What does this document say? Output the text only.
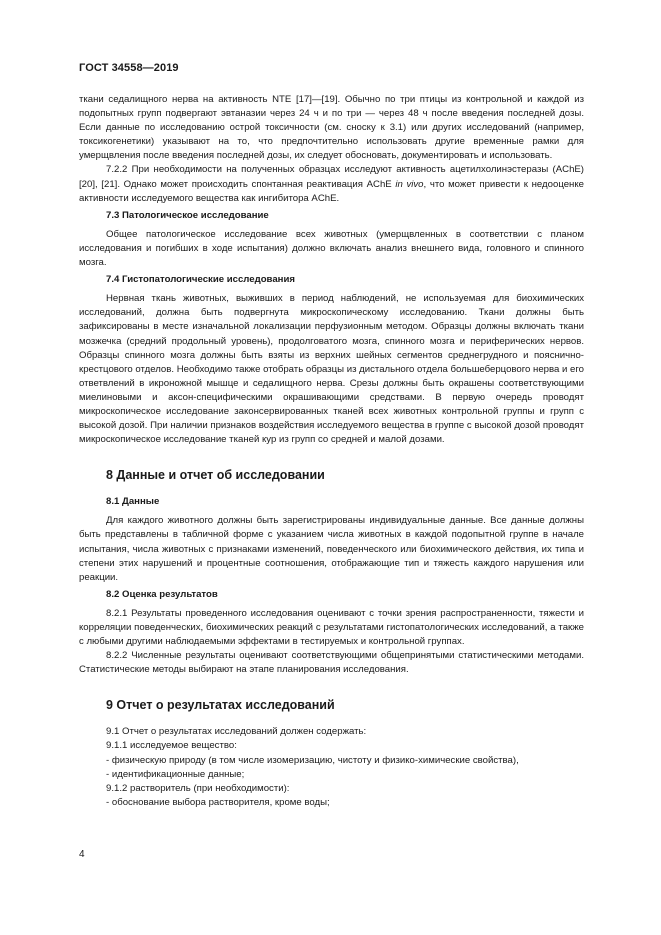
ГОСТ 34558—2019

ткани седалищного нерва на активность NTE [17]—[19]. Обычно по три птицы из контрольной и каждой из подопытных групп подвергают эвтаназии через 24 ч и по три — через 48 ч после введения последней дозы. Если данные по исследованию острой токсичности (см. сноску к 3.1) или других исследований (например, токсикогенетики) указывают на то, что предпочтительно использовать другие временные рамки для умерщвления после введения последней дозы, их следует обосновать, документировать и использовать.

7.2.2 При необходимости на полученных образцах исследуют активность ацетилхолинэстеразы (AChE) [20], [21]. Однако может происходить спонтанная реактивация AChE in vivo, что может привести к недооценке активности исследуемого вещества как ингибитора AChE.

7.3 Патологическое исследование

Общее патологическое исследование всех животных (умерщвленных в соответствии с планом исследования и погибших в ходе испытания) должно включать анализ внешнего вида, головного и спинного мозга.

7.4 Гистопатологические исследования

Нервная ткань животных, выживших в период наблюдений, не используемая для биохимических исследований, должна быть подвергнута микроскопическому исследованию. Ткани должны быть зафиксированы в месте изначальной локализации перфузионным методом. Образцы должны включать ткани мозжечка (средний продольный уровень), продолговатого мозга, спинного мозга и периферических нервов. Образцы спинного мозга должны быть взяты из верхних шейных сегментов среднегрудного и пояснично-крестцового отделов. Необходимо также отобрать образцы из дистального отдела большеберцового нерва и его ответвлений в икроножной мышце и седалищного нерва. Срезы должны быть окрашены соответствующими миелиновыми и аксон-специфическими окрашивающими средствами. В первую очередь проводят микроскопическое исследование законсервированных тканей всех животных контрольной группы и групп с высокой дозой. При наличии признаков воздействия исследуемого вещества в группе с высокой дозой проводят микроскопическое исследование тканей кур из групп со средней и малой дозами.

8 Данные и отчет об исследовании
8.1 Данные

Для каждого животного должны быть зарегистрированы индивидуальные данные. Все данные должны быть представлены в табличной форме с указанием числа животных в каждой подопытной группе в начале испытания, числа животных с признаками изменений, поведенческого или биохимического действия, их типа и степени этих нарушений и процентные соотношения, отображающие тип и тяжесть каждого нарушения или реакции.

8.2 Оценка результатов

8.2.1 Результаты проведенного исследования оценивают с точки зрения распространенности, тяжести и корреляции поведенческих, биохимических реакций с результатами гистопатологических исследований, а также с любыми другими наблюдаемыми эффектами в тестируемых и контрольной группах.

8.2.2 Численные результаты оценивают соответствующими общепринятыми статистическими методами. Статистические методы выбирают на этапе планирования исследования.

9 Отчет о результатах исследований

9.1 Отчет о результатах исследований должен содержать:

9.1.1 исследуемое вещество:

- физическую природу (в том числе изомеризацию, чистоту и физико-химические свойства),

- идентификационные данные;

9.1.2 растворитель (при необходимости):

- обоснование выбора растворителя, кроме воды;

4
